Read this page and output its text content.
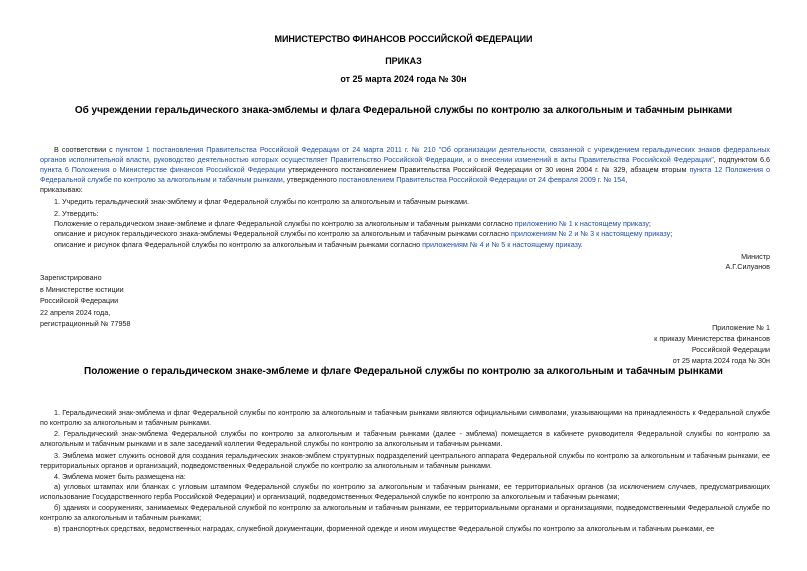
МИНИСТЕРСТВО ФИНАНСОВ РОССИЙСКОЙ ФЕДЕРАЦИИ
ПРИКАЗ
от 25 марта 2024 года № 30н
Об учреждении геральдического знака-эмблемы и флага Федеральной службы по контролю за алкогольным и табачным рынками
В соответствии с пунктом 1 постановления Правительства Российской Федерации от 24 марта 2011 г. № 210 "Об организации деятельности, связанной с учреждением геральдических знаков федеральных органов исполнительной власти, руководство деятельностью которых осуществляет Правительство Российской Федерации, и о внесении изменений в акты Правительства Российской Федерации", подпунктом 6.6 пункта 6 Положения о Министерстве финансов Российской Федерации утвержденного постановлением Правительства Российской Федерации от 30 июня 2004 г. № 329, абзацем вторым пункта 12 Положения о Федеральной службе по контролю за алкогольным и табачным рынками, утвержденного постановлением Правительства Российской Федерации от 24 февраля 2009 г. № 154,
приказываю:
1. Учредить геральдический знак-эмблему и флаг Федеральной службы по контролю за алкогольным и табачным рынками.
2. Утвердить:
Положение о геральдическом знаке-эмблеме и флаге Федеральной службы по контролю за алкогольным и табачным рынками согласно приложению № 1 к настоящему приказу;
описание и рисунок геральдического знака-эмблемы Федеральной службы по контролю за алкогольным и табачным рынками согласно приложениям № 2 и № 3 к настоящему приказу;
описание и рисунок флага Федеральной службы по контролю за алкогольным и табачным рынками согласно приложениям № 4 и № 5 к настоящему приказу.
Министр
А.Г.Силуанов
Зарегистрировано
в Министерстве юстиции
Российской Федерации
22 апреля 2024 года,
регистрационный № 77958	Приложение № 1
к приказу Министерства финансов
Российской Федерации
от 25 марта 2024 года № 30н
Положение о геральдическом знаке-эмблеме и флаге Федеральной службы по контролю за алкогольным и табачным рынками
1. Геральдический знак-эмблема и флаг Федеральной службы по контролю за алкогольным и табачным рынками являются официальными символами, указывающими на принадлежность к Федеральной службе по контролю за алкогольным и табачным рынками.
2. Геральдический знак-эмблема Федеральной службы по контролю за алкогольным и табачным рынками (далее - эмблема) помещается в кабинете руководителя Федеральной службы по контролю за алкогольным и табачным рынками и в зале заседаний коллегии Федеральной службы по контролю за алкогольным и табачным рынками.
3. Эмблема может служить основой для создания геральдических знаков-эмблем структурных подразделений центрального аппарата Федеральной службы по контролю за алкогольным и табачным рынками, ее территориальных органов и организаций, подведомственных Федеральной службе по контролю за алкогольным и табачным рынками.
4. Эмблема может быть размещена на:
а) угловых штампах или бланках с угловым штампом Федеральной службы по контролю за алкогольным и табачным рынками, ее территориальных органов (за исключением случаев, предусматривающих использование Государственного герба Российской Федерации) и организаций, подведомственных Федеральной службе по контролю за алкогольным и табачным рынками;
б) зданиях и сооружениях, занимаемых Федеральной службой по контролю за алкогольным и табачным рынками, ее территориальными органами и организациями, подведомственными Федеральной службе по контролю за алкогольным и табачным рынками;
в) транспортных средствах, ведомственных наградах, служебной документации, форменной одежде и ином имуществе Федеральной службы по контролю за алкогольным и табачным рынками, ее
